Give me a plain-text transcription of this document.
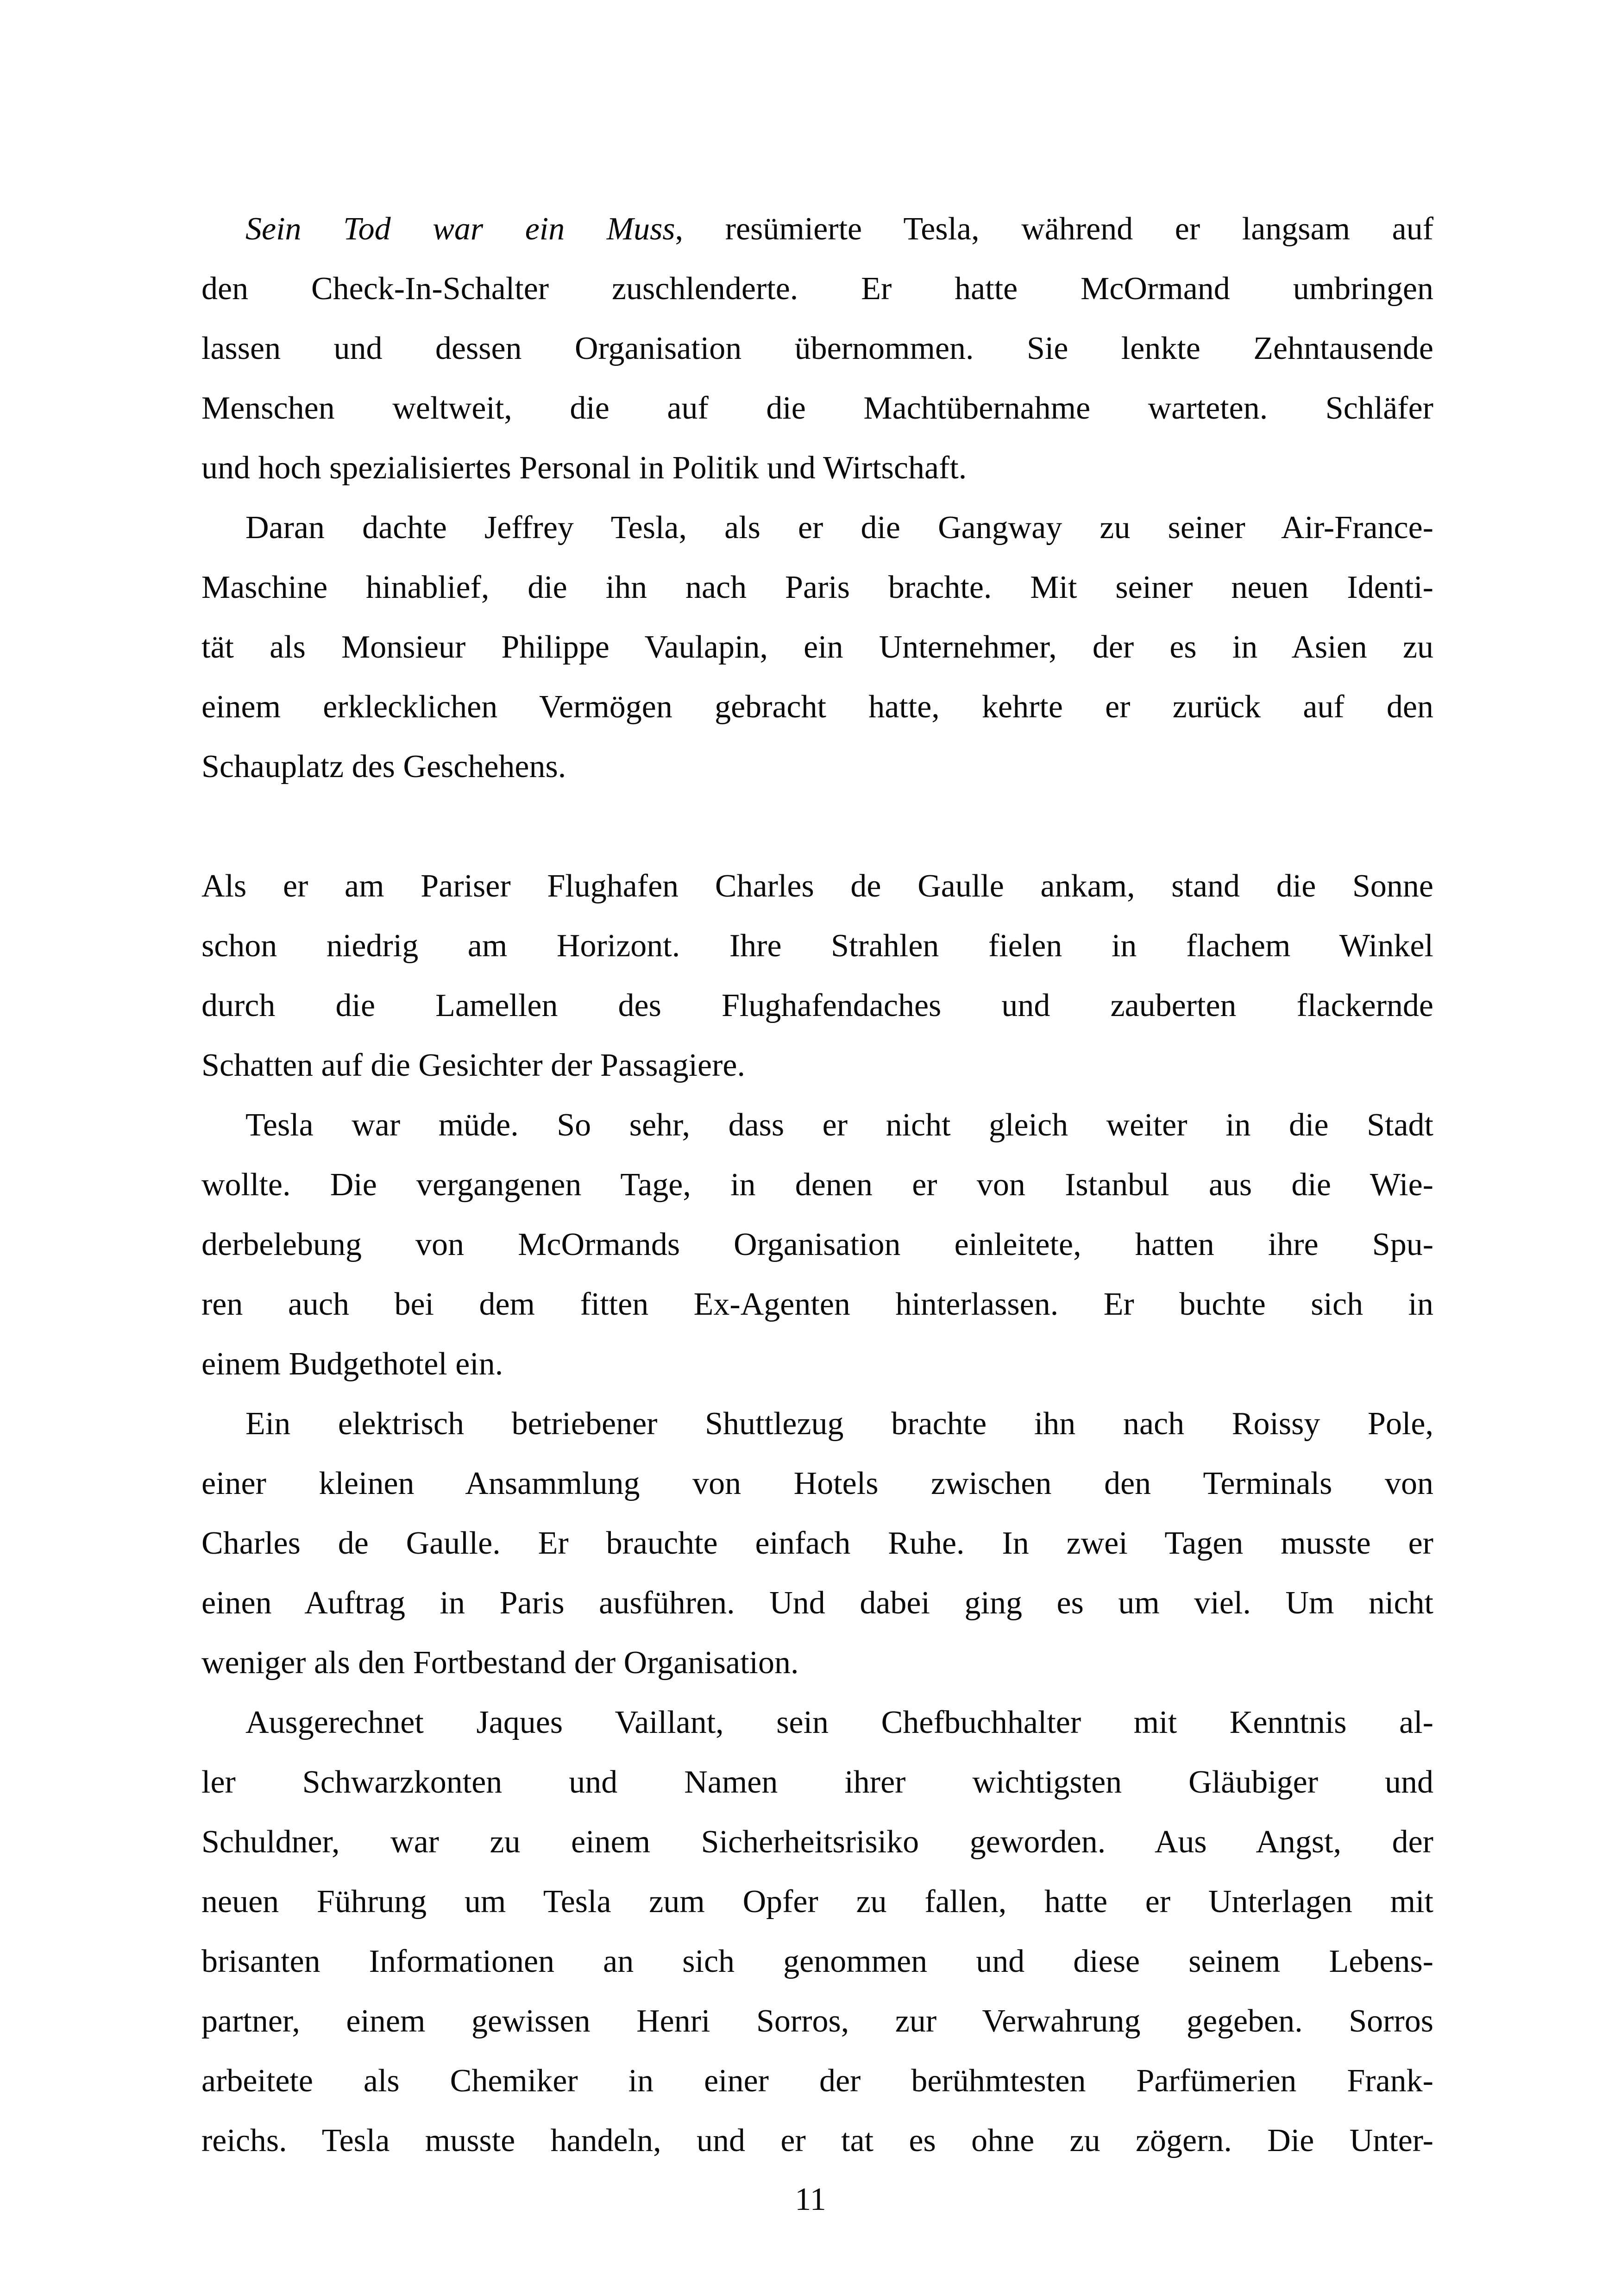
Sein Tod war ein Muss, resümierte Tesla, während er langsam auf
den Check-In-Schalter zuschlenderte. Er hatte McOrmand umbringen
lassen und dessen Organisation übernommen. Sie lenkte Zehntausende
Menschen weltweit, die auf die Machtübernahme warteten. Schläfer
und hoch spezialisiertes Personal in Politik und Wirtschaft.
Daran dachte Jeffrey Tesla, als er die Gangway zu seiner Air-France-
Maschine hinablief, die ihn nach Paris brachte. Mit seiner neuen Identi-
tät als Monsieur Philippe Vaulapin, ein Unternehmer, der es in Asien zu
einem erklecklichen Vermögen gebracht hatte, kehrte er zurück auf den
Schauplatz des Geschehens.
Als er am Pariser Flughafen Charles de Gaulle ankam, stand die Sonne
schon niedrig am Horizont. Ihre Strahlen fielen in flachem Winkel
durch die Lamellen des Flughafendaches und zauberten flackernde
Schatten auf die Gesichter der Passagiere.
Tesla war müde. So sehr, dass er nicht gleich weiter in die Stadt
wollte. Die vergangenen Tage, in denen er von Istanbul aus die Wie-
derbelebung von McOrmands Organisation einleitete, hatten ihre Spu-
ren auch bei dem fitten Ex-Agenten hinterlassen. Er buchte sich in
einem Budgethotel ein.
Ein elektrisch betriebener Shuttlezug brachte ihn nach Roissy Pole,
einer kleinen Ansammlung von Hotels zwischen den Terminals von
Charles de Gaulle. Er brauchte einfach Ruhe. In zwei Tagen musste er
einen Auftrag in Paris ausführen. Und dabei ging es um viel. Um nicht
weniger als den Fortbestand der Organisation.
Ausgerechnet Jaques Vaillant, sein Chefbuchhalter mit Kenntnis al-
ler Schwarzkonten und Namen ihrer wichtigsten Gläubiger und
Schuldner, war zu einem Sicherheitsrisiko geworden. Aus Angst, der
neuen Führung um Tesla zum Opfer zu fallen, hatte er Unterlagen mit
brisanten Informationen an sich genommen und diese seinem Lebens-
partner, einem gewissen Henri Sorros, zur Verwahrung gegeben. Sorros
arbeitete als Chemiker in einer der berühmtesten Parfümerien Frank-
reichs. Tesla musste handeln, und er tat es ohne zu zögern. Die Unter-
11
